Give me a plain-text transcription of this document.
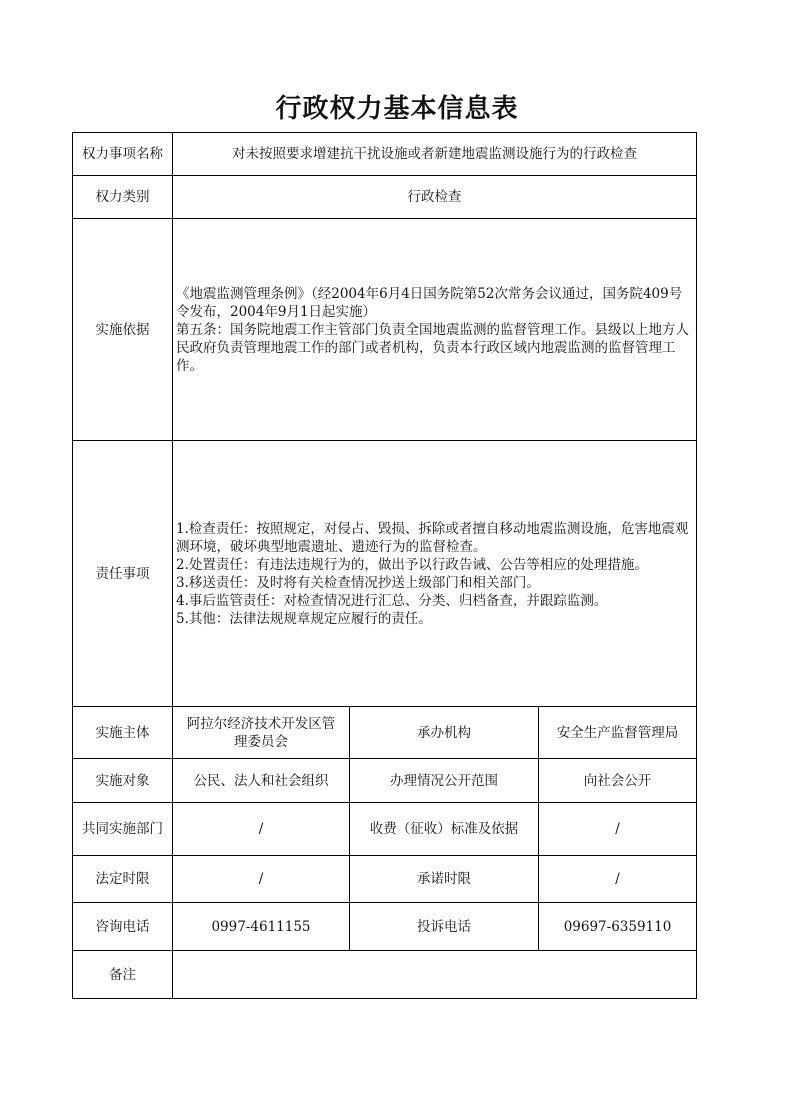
行政权力基本信息表
权力事项名称	对未按照要求增建抗干扰设施或者新建地震监测设施行为的行政检查		
权力类别	行政检查		
实施依据	《地震监测管理条例》（经2004年6月4日国务院第52次常务会议通过，国务院409号令发布，2004年9月1日起实施）
第五条：国务院地震工作主管部门负责全国地震监测的监督管理工作。县级以上地方人民政府负责管理地震工作的部门或者机构，负责本行政区域内地震监测的监督管理工作。		
责任事项	1.检查责任：按照规定，对侵占、毁损、拆除或者擅自移动地震监测设施，危害地震观测环境，破坏典型地震遗址、遗迹行为的监督检查。
2.处置责任：有违法违规行为的，做出予以行政告诫、公告等相应的处理措施。
3.移送责任：及时将有关检查情况抄送上级部门和相关部门。
4.事后监管责任：对检查情况进行汇总、分类、归档备查，并跟踪监测。
5.其他：法律法规规章规定应履行的责任。		
实施主体	阿拉尔经济技术开发区管理委员会	承办机构	安全生产监督管理局
实施对象	公民、法人和社会组织	办理情况公开范围	向社会公开
共同实施部门	/	收费（征收）标准及依据	/
法定时限	/	承诺时限	/
咨询电话	0997-4611155	投诉电话	09697-6359110
备注			
